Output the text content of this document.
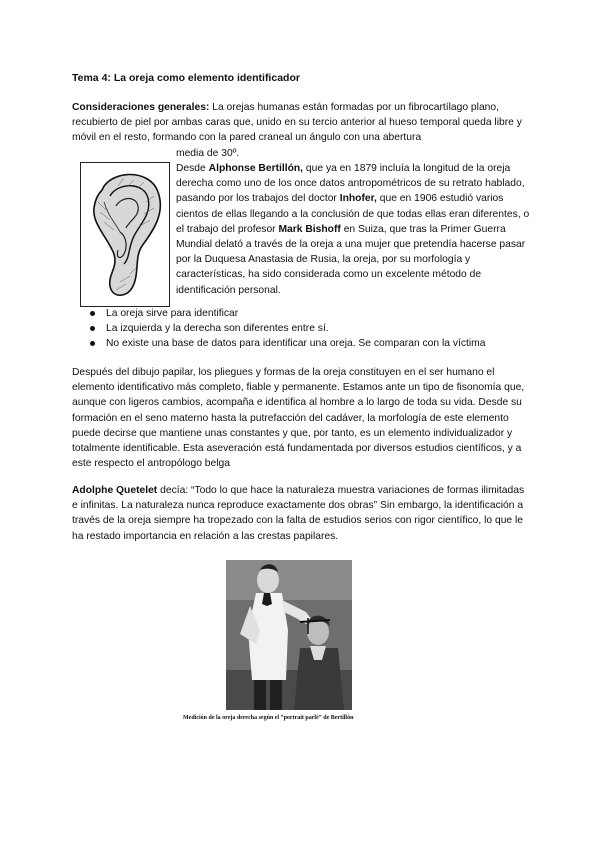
Tema 4: La oreja como elemento identificador
Consideraciones generales: La orejas humanas están formadas por un fibrocartílago plano, recubierto de piel por ambas caras que, unido en su tercio anterior al hueso temporal queda libre y móvil en el resto, formando con la pared craneal un ángulo con una abertura
media de 30º.
Desde Alphonse Bertillón, que ya en 1879 incluía la longitud de la oreja derecha como uno de los once datos antropométricos de su retrato hablado, pasando por los trabajos del doctor Inhofer, que en 1906 estudió varios cientos de ellas llegando a la conclusión de que todas ellas eran diferentes, o el trabajo del profesor Mark Bishoff en Suiza, que tras la Primer Guerra Mundial delató a través de la oreja a una mujer que pretendía hacerse pasar por la Duquesa Anastasia de Rusia, la oreja, por su morfología y características, ha sido considerada como un excelente método de identificación personal.
La oreja sirve para identificar
La izquierda y la derecha son diferentes entre sí.
No existe una base de datos para identificar una oreja. Se comparan con la víctima
Después del dibujo papilar, los pliegues y formas de la oreja constituyen en el ser humano el elemento identificativo más completo, fiable y permanente. Estamos ante un tipo de fisonomía que, aunque con ligeros cambios, acompaña e identifica al hombre a lo largo de toda su vida. Desde su formación en el seno materno hasta la putrefacción del cadáver, la morfología de este elemento puede decirse que mantiene unas constantes y que, por tanto, es un elemento individualizador y totalmente identificable. Esta aseveración está fundamentada por diversos estudios científicos, y a este respecto el antropólogo belga
Adolphe Quetelet decía: “Todo lo que hace la naturaleza muestra variaciones de formas ilimitadas e infinitas. La naturaleza nunca reproduce exactamente dos obras” Sin embargo, la identificación a través de la oreja siempre ha tropezado con la falta de estudios serios con rigor científico, lo que le ha restado importancia en relación a las crestas papilares.
Medición de la oreja derecha según el “portrait parlé” de Bertillón
